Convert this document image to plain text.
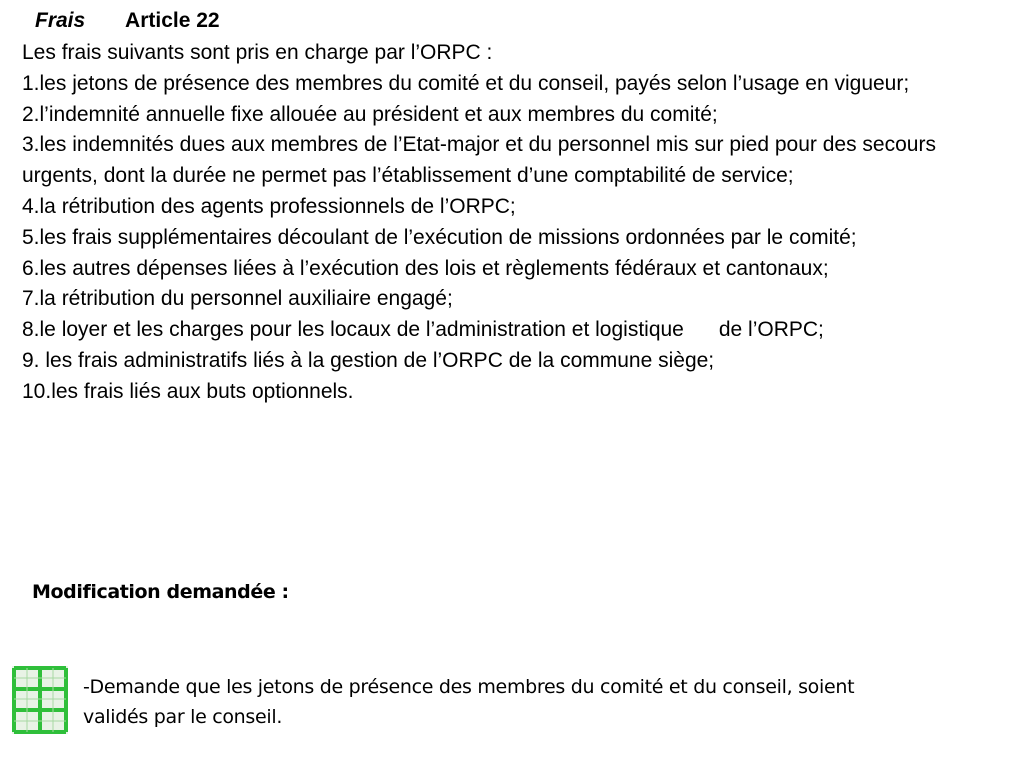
Frais Article 22

Les frais suivants sont pris en charge par l’ORPC :

1.les jetons de présence des membres du comité et du conseil, payés selon l’usage en vigueur;

2.l’indemnité annuelle fixe allouée au président et aux membres du comité;

3.les indemnités dues aux membres de l’Etat-major et du personnel mis sur pied pour des secours urgents, dont la durée ne permet pas l’établissement d’une comptabilité de service;

4.la rétribution des agents professionnels de l’ORPC;

5.les frais supplémentaires découlant de l’exécution de missions ordonnées par le comité;

6.les autres dépenses liées à l’exécution des lois et règlements fédéraux et cantonaux;

7.la rétribution du personnel auxiliaire engagé;

8.le loyer et les charges pour les locaux de l’administration et logistique      de l’ORPC;

9. les frais administratifs liés à la gestion de l’ORPC de la commune siège;

10.les frais liés aux buts optionnels.

Modification demandée :

-Demande que les jetons de présence des membres du comité et du conseil, soient

validés par le conseil.
